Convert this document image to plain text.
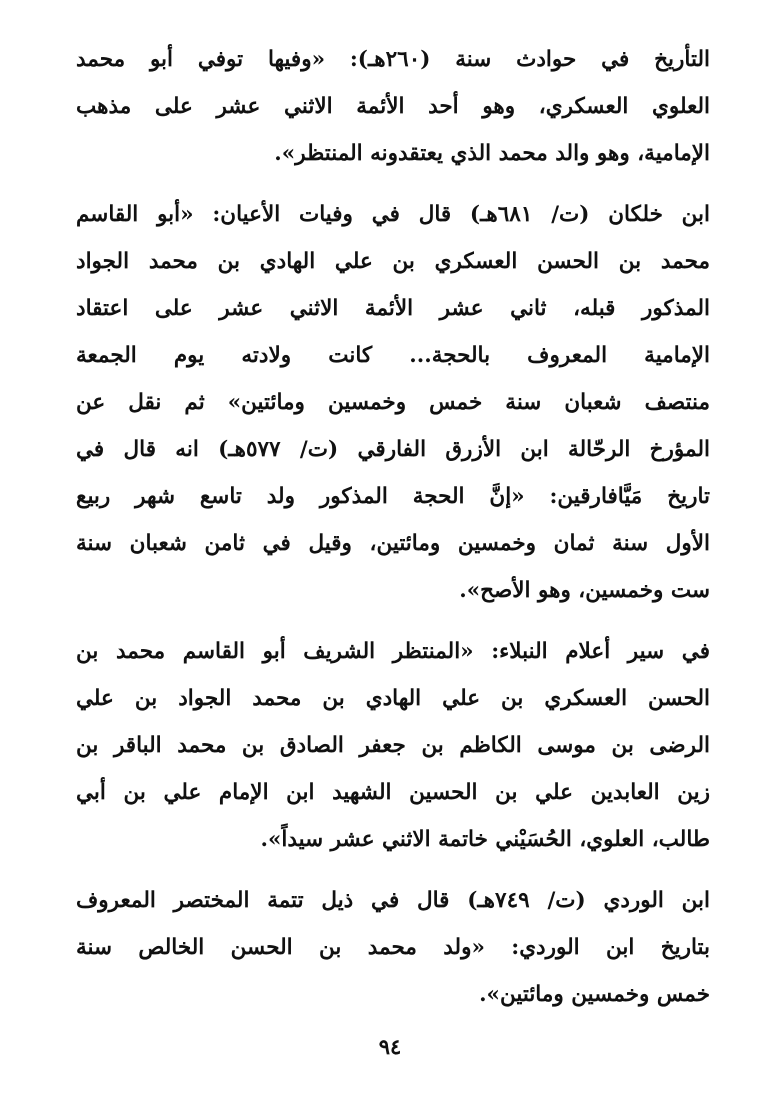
التأريخ في حوادث سنة (٢٦٠هـ): «وفيها توفي أبو محمد
العلوي العسكري، وهو أحد الأئمة الاثني عشر على مذهب
الإمامية، وهو والد محمد الذي يعتقدونه المنتظر».
ابن خلكان (ت/ ٦٨١هـ) قال في وفيات الأعيان: «أبو القاسم
محمد بن الحسن العسكري بن علي الهادي بن محمد الجواد
المذكور قبله، ثاني عشر الأئمة الاثني عشر على اعتقاد
الإمامية المعروف بالحجة... كانت ولادته يوم الجمعة
منتصف شعبان سنة خمس وخمسين ومائتين» ثم نقل عن
المؤرخ الرحّالة ابن الأزرق الفارقي (ت/ ٥٧٧هـ) انه قال في
تاريخ مَيَّافارقين: «إنَّ الحجة المذكور ولد تاسع شهر ربيع
الأول سنة ثمان وخمسين ومائتين، وقيل في ثامن شعبان سنة
ست وخمسين، وهو الأصح».
في سير أعلام النبلاء: «المنتظر الشريف أبو القاسم محمد بن
الحسن العسكري بن علي الهادي بن محمد الجواد بن علي
الرضى بن موسى الكاظم بن جعفر الصادق بن محمد الباقر بن
زين العابدين علي بن الحسين الشهيد ابن الإمام علي بن أبي
طالب، العلوي، الحُسَيْني خاتمة الاثني عشر سيداً».
ابن الوردي (ت/ ٧٤٩هـ) قال في ذيل تتمة المختصر المعروف
بتاريخ ابن الوردي: «ولد محمد بن الحسن الخالص سنة
خمس وخمسين ومائتين».
٩٤
